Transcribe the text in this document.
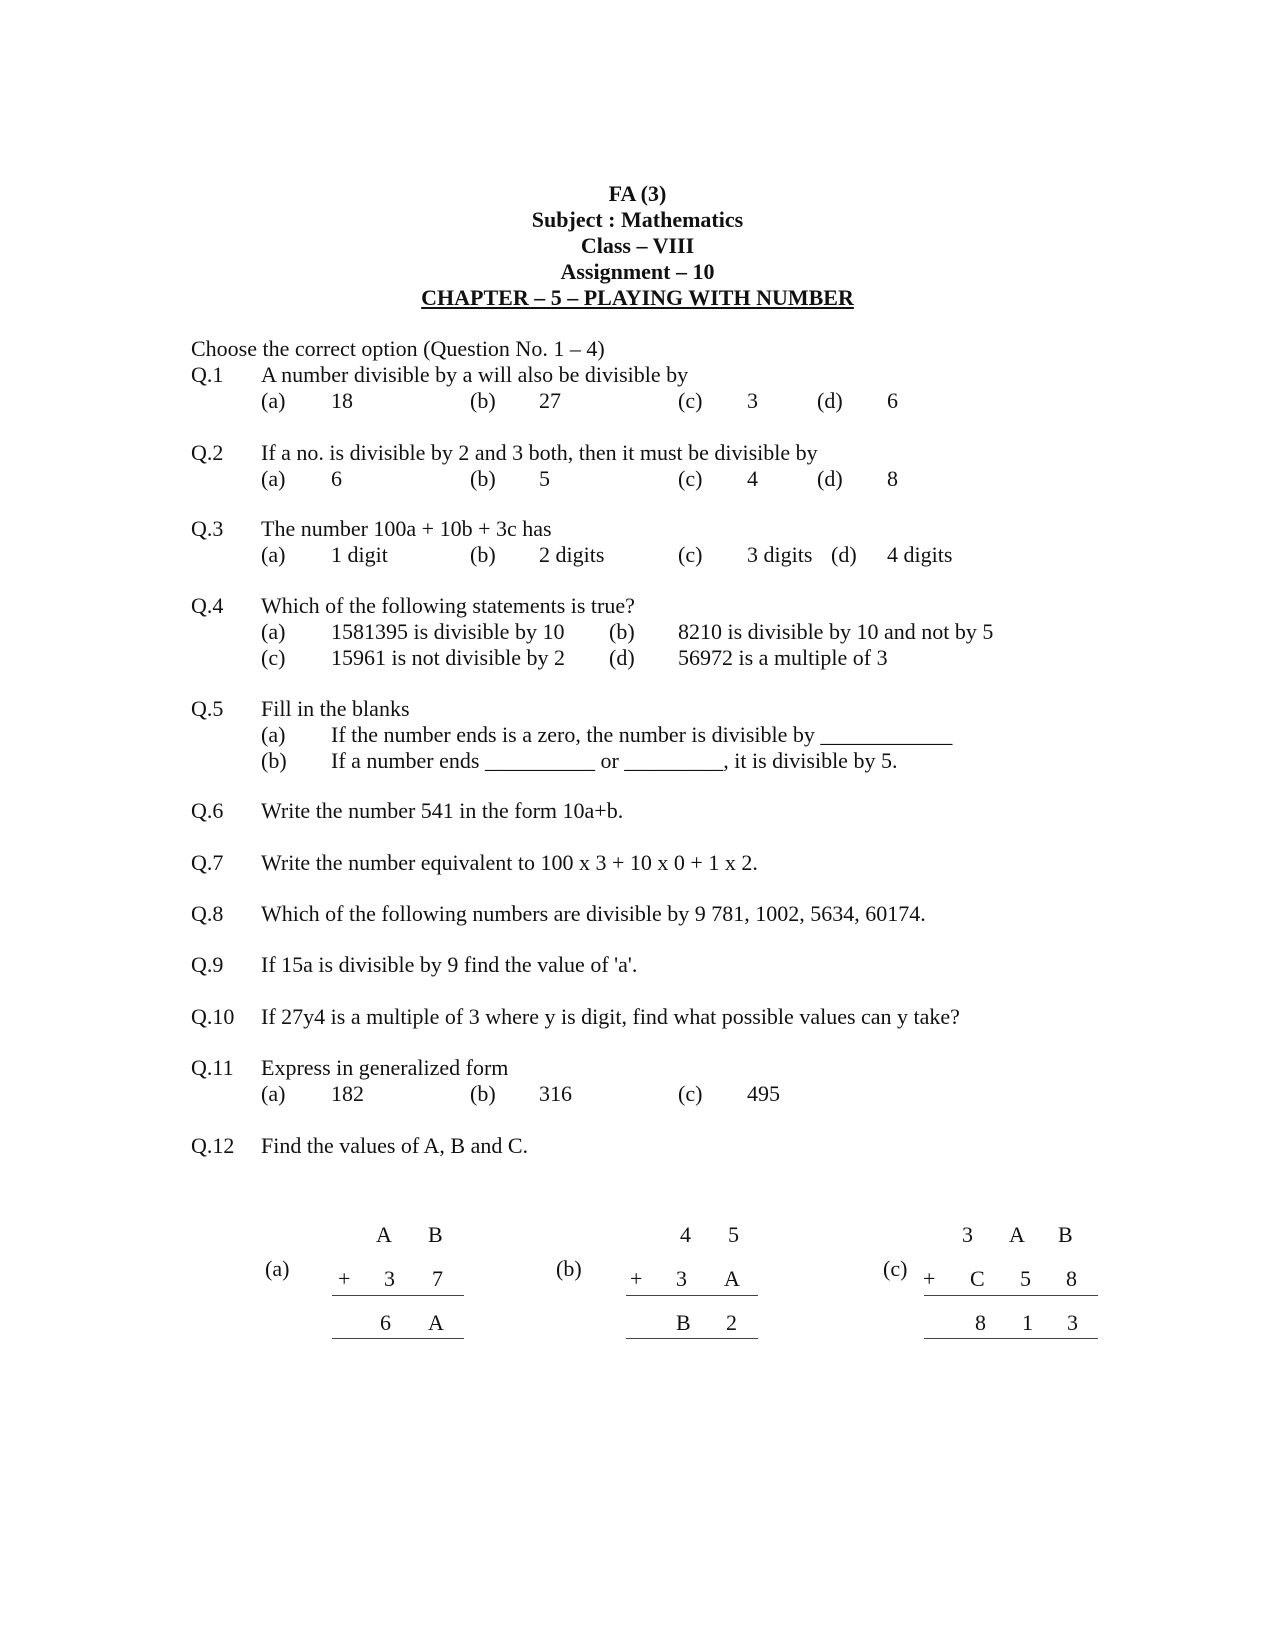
FA (3)
Subject : Mathematics
Class – VIII
Assignment – 10
CHAPTER – 5 – PLAYING WITH NUMBER
Choose the correct option (Question No. 1 – 4)
Q.1 A number divisible by a will also be divisible by
(a) 18	(b) 27	(c) 3	(d) 6
Q.2 If a no. is divisible by 2 and 3 both, then it must be divisible by
(a) 6	(b) 5	(c) 4	(d) 8
Q.3 The number 100a + 10b + 3c has
(a) 1 digit	(b) 2 digits	(c) 3 digits (d) 4 digits
Q.4 Which of the following statements is true?
(a) 1581395 is divisible by 10 (b) 8210 is divisible by 10 and not by 5
(c) 15961 is not divisible by 2 (d) 56972 is a multiple of 3
Q.5 Fill in the blanks
(a) If the number ends is a zero, the number is divisible by ____________
(b) If a number ends __________ or _________, it is divisible by 5.
Q.6 Write the number 541 in the form 10a+b.
Q.7 Write the number equivalent to 100 x 3 + 10 x 0 + 1 x 2.
Q.8 Which of the following numbers are divisible by 9 781, 1002, 5634, 60174.
Q.9 If 15a is divisible by 9 find the value of 'a'.
Q.10 If 27y4 is a multiple of 3 where y is digit, find what possible values can y take?
Q.11 Express in generalized form
(a) 182	(b) 316	(c) 495
Q.12 Find the values of A, B and C.
(a)
A B
+ 3 7
6 A
(b)
4 5
+ 3 A
B 2
(c)
3 A B
+ C 5 8
8 1 3
